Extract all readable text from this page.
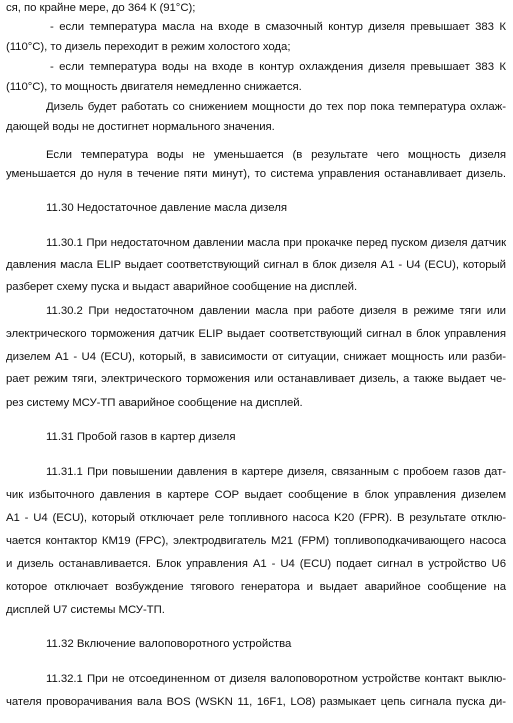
ся, по крайне мере, до 364 К (91°С);
- если температура масла на входе в смазочный контур дизеля превышает 383 К
(110°С), то дизель переходит в режим холостого хода;
- если температура воды на входе в контур охлаждения дизеля превышает 383 К
(110°С), то мощность двигателя немедленно снижается.
Дизель будет работать со снижением мощности до тех пор пока температура охлаж-
дающей воды не достигнет нормального значения.
Если температура воды не уменьшается (в результате чего мощность дизеля
уменьшается до нуля в течение пяти минут), то система управления останавливает дизель.
11.30 Недостаточное давление масла дизеля
11.30.1 При недостаточном давлении масла при прокачке перед пуском дизеля датчик
давления масла ELIP выдает соответствующий сигнал в блок дизеля А1 - U4 (ECU), который
разберет схему пуска и выдаст аварийное сообщение на дисплей.
11.30.2 При недостаточном давлении масла при работе дизеля в режиме тяги или
электрического торможения датчик ELIP выдает соответствующий сигнал в блок управления
дизелем А1 - U4 (ECU), который, в зависимости от ситуации, снижает мощность или разби-
рает режим тяги, электрического торможения или останавливает дизель, а также выдает че-
рез систему МСУ-ТП аварийное сообщение на дисплей.
11.31 Пробой газов в картер дизеля
11.31.1 При повышении давления в картере дизеля, связанным с пробоем газов дат-
чик избыточного давления в картере COP выдает сообщение в блок управления дизелем
А1 - U4 (ECU), который отключает реле топливного насоса K20 (FPR). В результате отклю-
чается контактор КМ19 (FPC), электродвигатель М21 (FPM) топливоподкачивающего насоса
и дизель останавливается. Блок управления А1 - U4 (ECU) подает сигнал в устройство U6
которое отключает возбуждение тягового генератора и выдает аварийное сообщение на
дисплей U7 системы МСУ-ТП.
11.32 Включение валоповоротного устройства
11.32.1 При не отсоединенном от дизеля валоповоротном устройстве контакт выклю-
чателя проворачивания вала BOS (WSKN 11, 16F1, LO8) размыкает цепь сигнала пуска ди-
